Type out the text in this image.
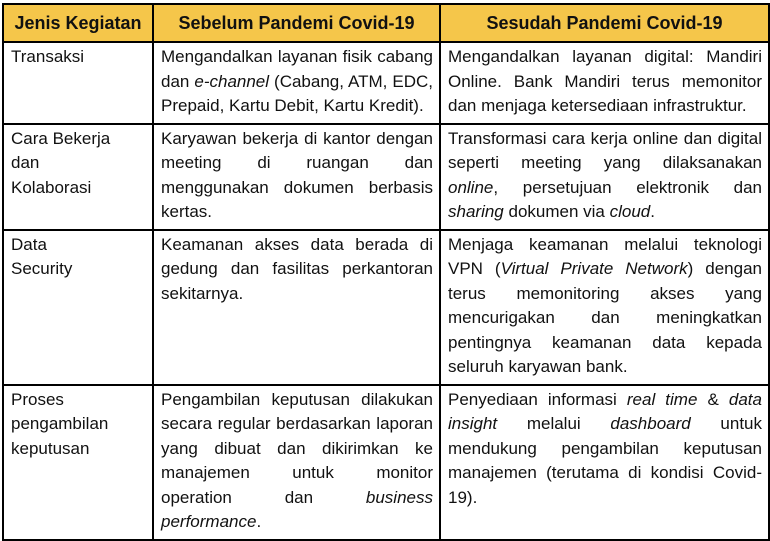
Jenis Kegiatan	Sebelum Pandemi Covid-19	Sesudah Pandemi Covid-19
Transaksi	Mengandalkan layanan fisik cabang dan e-channel (Cabang, ATM, EDC, Prepaid, Kartu Debit, Kartu Kredit).	Mengandalkan layanan digital: Mandiri Online. Bank Mandiri terus memonitor dan menjaga ketersediaan infrastruktur.
Cara Bekerja
dan
Kolaborasi	Karyawan bekerja di kantor dengan meeting di ruangan dan menggunakan dokumen berbasis kertas.	Transformasi cara kerja online dan digital seperti meeting yang dilaksanakan online, persetujuan elektronik dan sharing dokumen via cloud.
Data
Security	Keamanan akses data berada di gedung dan fasilitas perkantoran sekitarnya.	Menjaga keamanan melalui teknologi VPN (Virtual Private Network) dengan terus memonitoring akses yang mencurigakan dan meningkatkan pentingnya keamanan data kepada seluruh karyawan bank.
Proses
pengambilan
keputusan	Pengambilan keputusan dilakukan secara regular berdasarkan laporan yang dibuat dan dikirimkan ke manajemen untuk monitor operation dan business performance.	Penyediaan informasi real time & data insight melalui dashboard untuk mendukung pengambilan keputusan manajemen (terutama di kondisi Covid-19).
